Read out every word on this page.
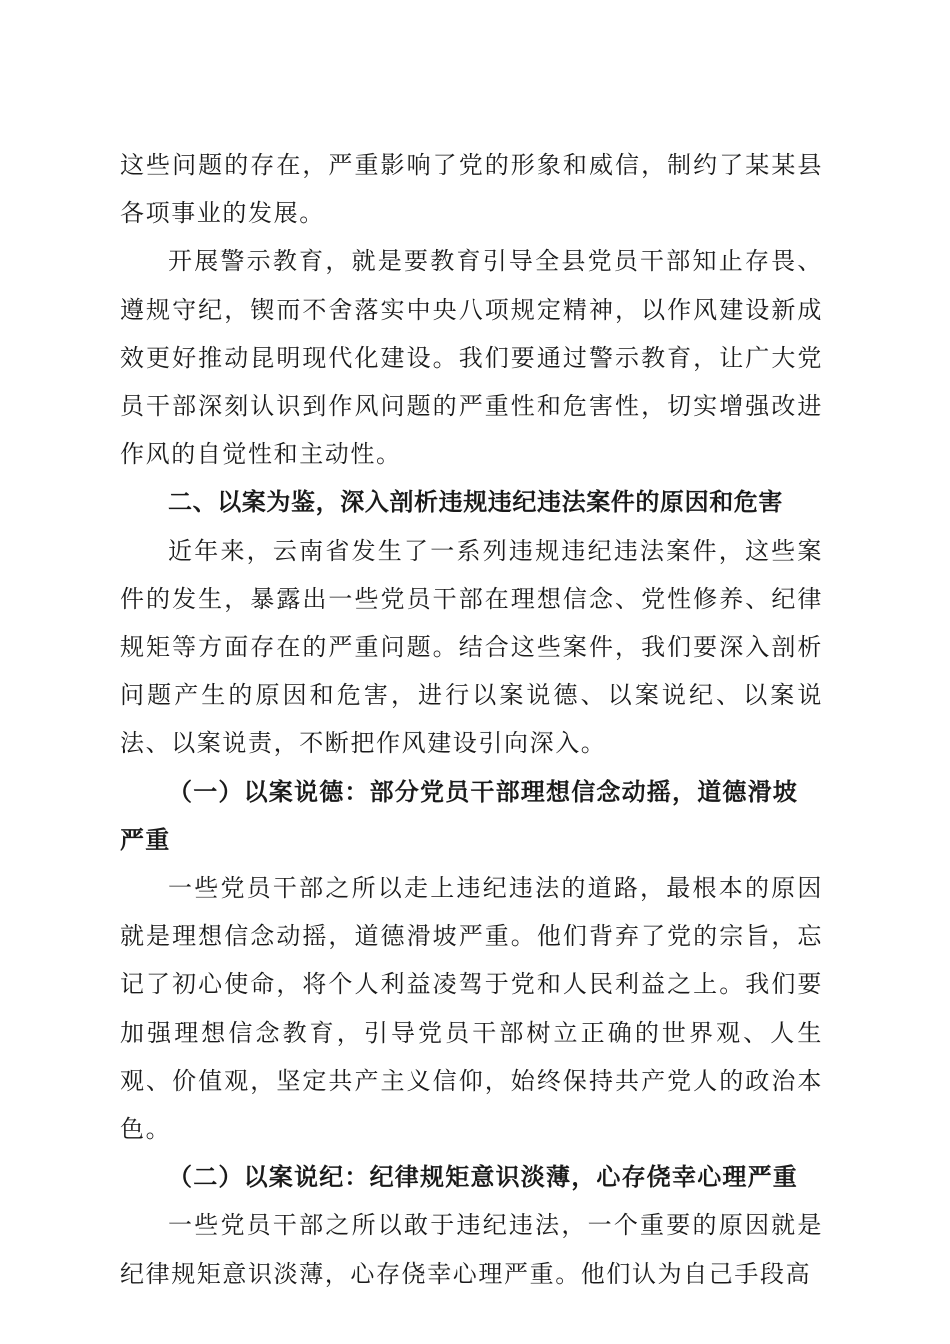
这些问题的存在，严重影响了党的形象和威信，制约了某某县各项事业的发展。

开展警示教育，就是要教育引导全县党员干部知止存畏、遵规守纪，锲而不舍落实中央八项规定精神，以作风建设新成效更好推动昆明现代化建设。我们要通过警示教育，让广大党员干部深刻认识到作风问题的严重性和危害性，切实增强改进作风的自觉性和主动性。

二、以案为鉴，深入剖析违规违纪违法案件的原因和危害

近年来，云南省发生了一系列违规违纪违法案件，这些案件的发生，暴露出一些党员干部在理想信念、党性修养、纪律规矩等方面存在的严重问题。结合这些案件，我们要深入剖析问题产生的原因和危害，进行以案说德、以案说纪、以案说法、以案说责，不断把作风建设引向深入。

（一）以案说德：部分党员干部理想信念动摇，道德滑坡严重

一些党员干部之所以走上违纪违法的道路，最根本的原因就是理想信念动摇，道德滑坡严重。他们背弃了党的宗旨，忘记了初心使命，将个人利益凌驾于党和人民利益之上。我们要加强理想信念教育，引导党员干部树立正确的世界观、人生观、价值观，坚定共产主义信仰，始终保持共产党人的政治本色。

（二）以案说纪：纪律规矩意识淡薄，心存侥幸心理严重

一些党员干部之所以敢于违纪违法，一个重要的原因就是纪律规矩意识淡薄，心存侥幸心理严重。他们认为自己手段高
